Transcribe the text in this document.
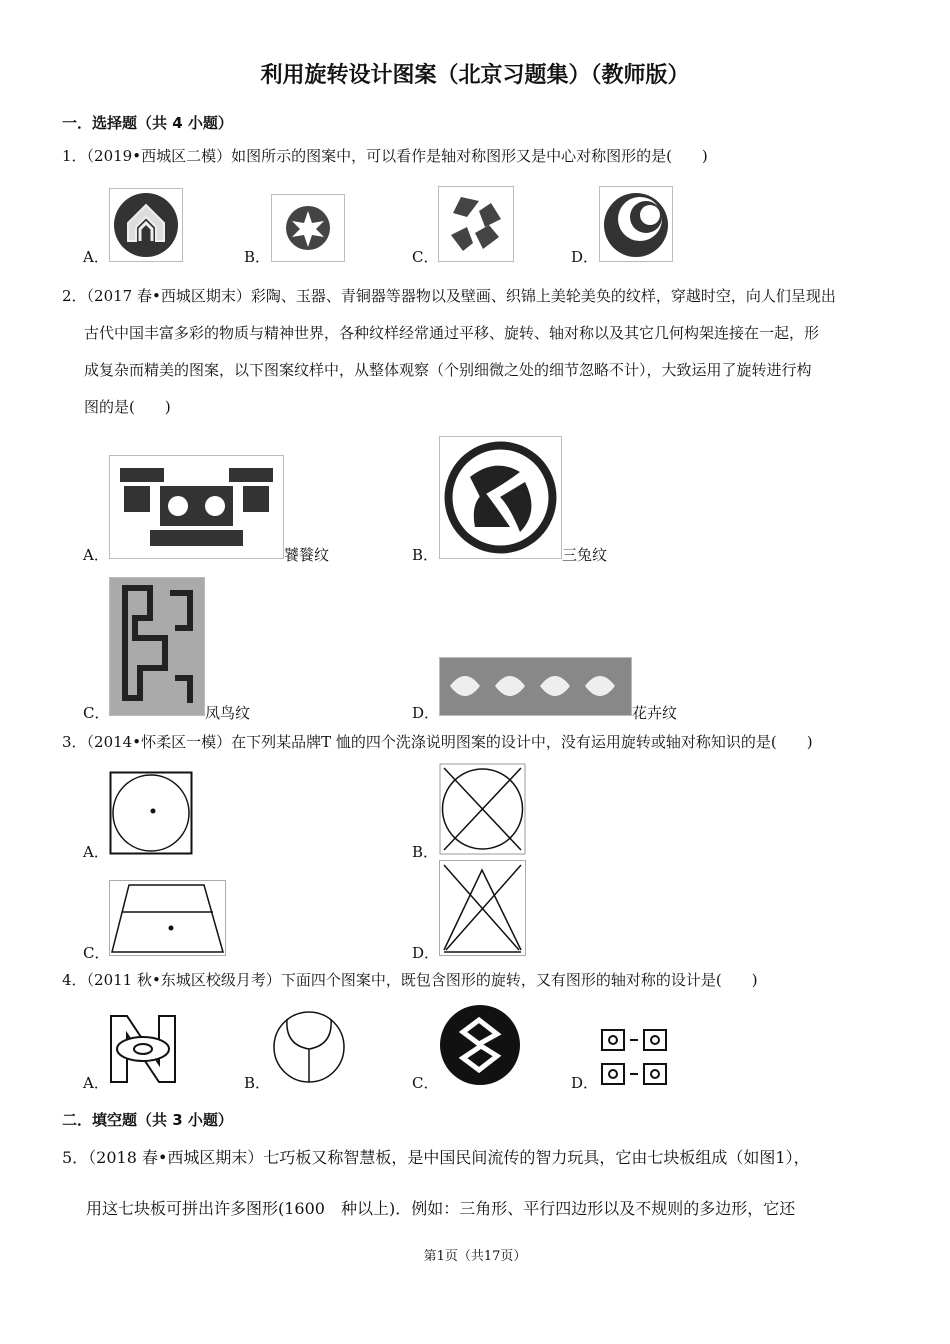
利用旋转设计图案（北京习题集）（教师版）
一．选择题（共 4 小题）
1．（2019•西城区二模）如图所示的图案中，可以看作是轴对称图形又是中心对称图形的是(　　)
A．	B．	C．	D．
2．（2017 春•西城区期末）彩陶、玉器、青铜器等器物以及壁画、织锦上美轮美奂的纹样，穿越时空，向人们呈现出
古代中国丰富多彩的物质与精神世界，各种纹样经常通过平移、旋转、轴对称以及其它几何构架连接在一起，形
成复杂而精美的图案，以下图案纹样中，从整体观察（个别细微之处的细节忽略不计），大致运用了旋转进行构
图的是(　　)
A．	饕餮纹	B．	三兔纹
C．	凤鸟纹	D．	花卉纹
3．（2014•怀柔区一模）在下列某品牌T 恤的四个洗涤说明图案的设计中，没有运用旋转或轴对称知识的是(　　)
A．	B．
C．	D．
4．（2011 秋•东城区校级月考）下面四个图案中，既包含图形的旋转，又有图形的轴对称的设计是(　　)
A．	B．	C．	D．
二．填空题（共 3 小题）
5．（2018 春•西城区期末）七巧板又称智慧板，是中国民间流传的智力玩具，它由七块板组成（如图1），
用这七块板可拼出许多图形(1600　种以上)．例如：三角形、平行四边形以及不规则的多边形，它还
第1页（共17页）
